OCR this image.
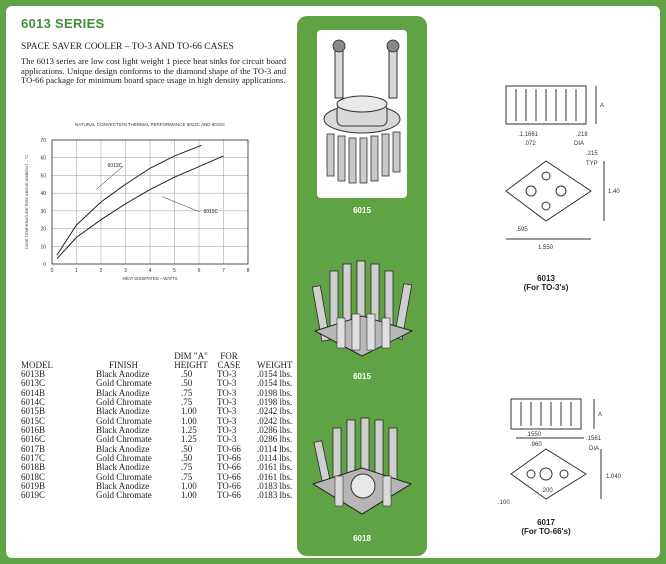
6013 SERIES
SPACE SAVER COOLER – TO-3 AND TO-66 CASES
The 6013 series are low cost light weight 1 piece heat sinks for circuit board applications. Unique design conforms to the diamond shape of the TO-3 and TO-66 package for minimum board space usage in high density applications.
NATURAL CONVECTION THERMAL PERFORMANCE 6013C AND 6015C
0
10
20
30
40
50
60
70
0	1	2	3	4	5	6	7	8
HEAT DISSIPATED – WATTS
CASE TEMPERATURE RISE ABOVE AMBIENT – °C	6013C
6015C
MODEL	FINISH
DIM "A"
HEIGHT
FOR
CASE	WEIGHT
6013B	Black Anodize	.50	TO-3 .0154 lbs.
6013C	Gold Chromate	.50	TO-3 .0154 lbs.
6014B	Black Anodize	.75	TO-3 .0198 lbs.
6014C	Gold Chromate	.75	TO-3 .0198 lbs.
6015B	Black Anodize	1.00 TO-3 .0242 lbs.
6015C	Gold Chromate	1.00 TO-3 .0242 lbs.
6016B	Black Anodize	1.25 TO-3 .0286 lbs.
6016C	Gold Chromate	1.25 TO-3 .0286 lbs.
6017B	Black Anodize	.50	TO-66 .0114 lbs.
6017C	Gold Chromate	.50	TO-66 .0114 lbs.
6018B	Black Anodize	.75	TO-66 .0161 lbs.
6018C	Gold Chromate	.75	TO-66 .0161 lbs.
6019B	Black Anodize	1.00 TO-66 .0183 lbs.
6019C	Gold Chromate	1.00 TO-66 .0183 lbs.
6015
6015
6018
A
.1.1661	.218
.072	DIA
.215
TYP
1.40
.595
1.550
6013
(For TO-3's)
A
.1550
.960
.1561
DIA
1.040
.200
.100
6017
(For TO-66's)
